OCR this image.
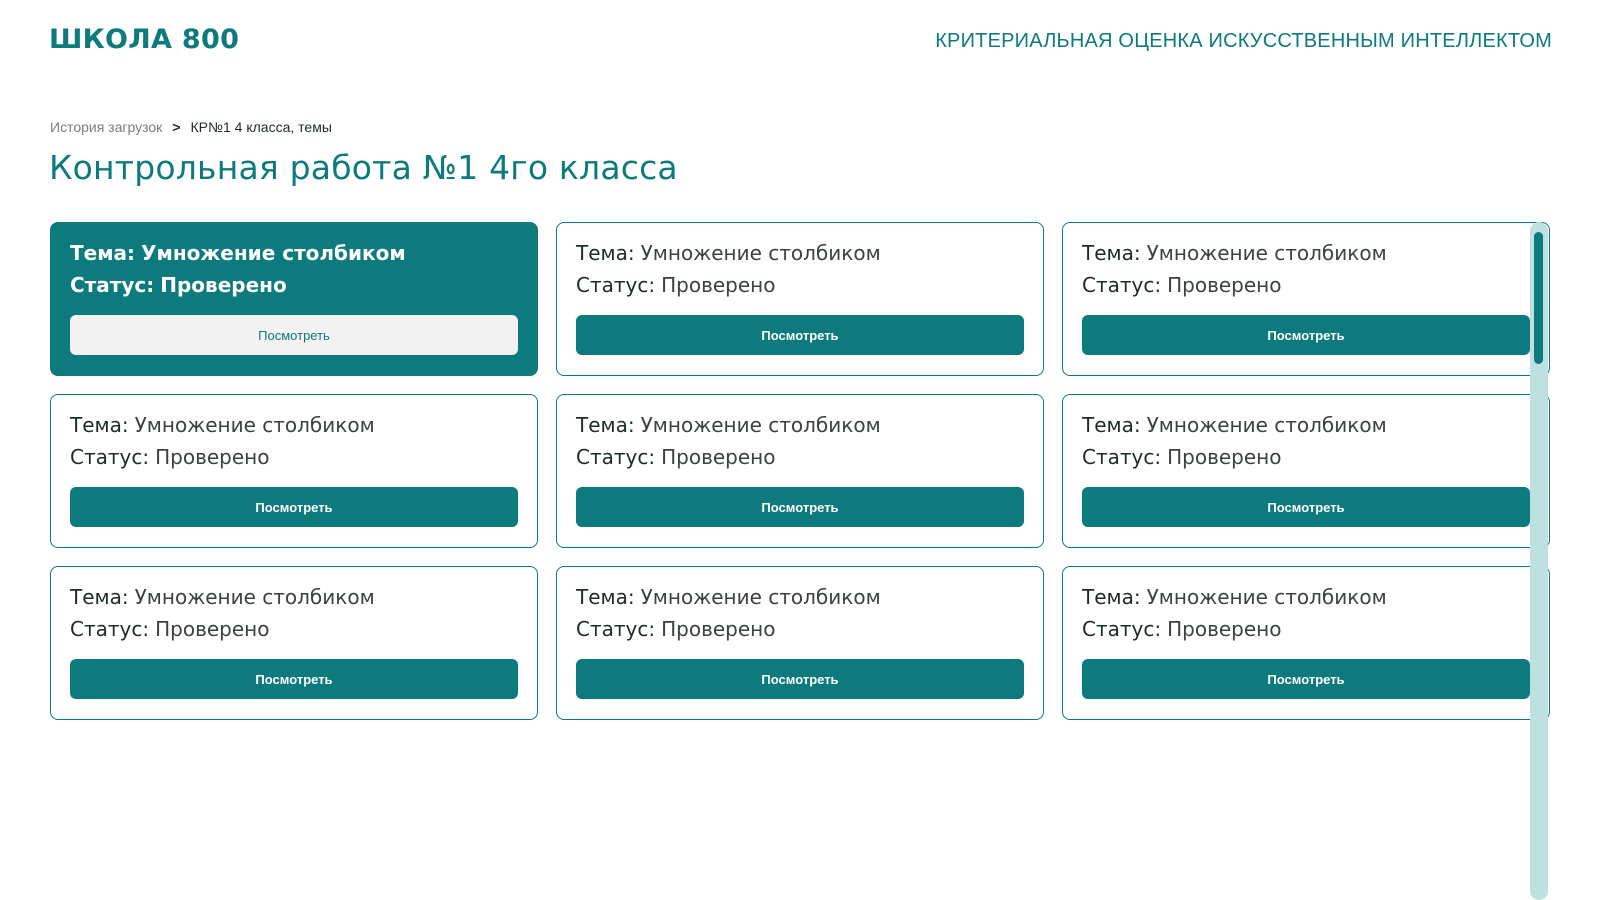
ШКОЛА 800	КРИТЕРИАЛЬНАЯ ОЦЕНКА ИСКУССТВЕННЫМ ИНТЕЛЛЕКТОМ
История загрузок > КР№1 4 класса, темы
Контрольная работа №1 4го класса
Тема: Умножение столбиком
Статус: Проверено
Посмотреть
Тема: Умножение столбиком
Статус: Проверено
Посмотреть
Тема: Умножение столбиком
Статус: Проверено
Посмотреть
Тема: Умножение столбиком
Статус: Проверено
Посмотреть
Тема: Умножение столбиком
Статус: Проверено
Посмотреть
Тема: Умножение столбиком
Статус: Проверено
Посмотреть
Тема: Умножение столбиком
Статус: Проверено
Посмотреть
Тема: Умножение столбиком
Статус: Проверено
Посмотреть
Тема: Умножение столбиком
Статус: Проверено
Посмотреть
